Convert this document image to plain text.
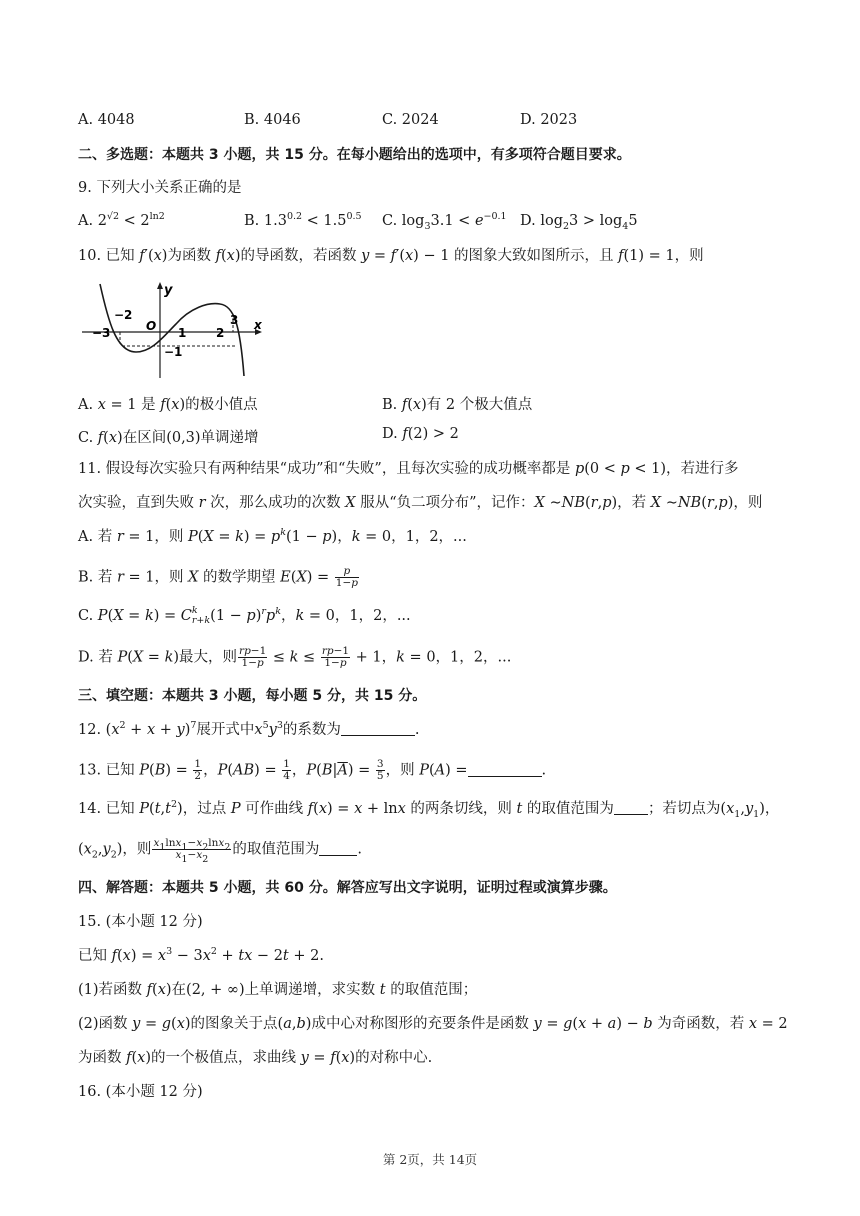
A. 4048	B. 4046	C. 2024	D. 2023
二、多选题：本题共 3 小题，共 15 分。在每小题给出的选项中，有多项符合题目要求。
9. 下列大小关系正确的是
A. $2^{√2} < 2^{ln2}$	B. $1.3^{0.2} < 1.5^{0.5}$ C. $\log_33.1 < e^{-0.1}$ D. $\log_23 > \log_45$
10. 已知 f′(x)为函数 f(x)的导函数，若函数 y = f′(x) − 1 的图象大致如图所示，且 f(1) = 1，则
y
x
O
−3
−2
1 2
3
−1
A. x = 1 是 f(x)的极小值点	B. f(x)有 2 个极大值点
C. f(x)在区间(0,3)单调递增	D. f(2) > 2
11. 假设每次实验只有两种结果“成功”和“失败”，且每次实验的成功概率都是 p(0 < p < 1)，若进行多
次实验，直到失败 r 次，那么成功的次数 X 服从“负二项分布”，记作：X ∼NB(r,p)，若 X ∼NB(r,p)，则
A. 若 r = 1，则 $P(X = k) = p^k(1 - p)$，k = 0，1，2，...
B. 若 r = 1，则 X 的数学期望 $E(X) = \frac{p}{1-p}$
C. P(X = k) = C k
r+k $(1 - p)^rp^k$，k = 0，1，2，...
D. 若 P(X = k)最大，则 $\frac{rp-1}{1-p} \le k \le \frac{rp-1}{1-p} + 1$，k = 0，1，2，...
三、填空题：本题共 3 小题，每小题 5 分，共 15 分。
12. $(x^2 + x + y)^7$展开式中$x^5y^3$的系数为	.
13. 已知 $P(B) = \frac{1}{2}$ ，$P(AB) = \frac{1}{4}$ ，$P(B|\overline{A}) = \frac{3}{5}$ ，则 P(A) =	.
14. 已知 $P(t,t^2)$，过点 P 可作曲线 f(x) = x + lnx 的两条切线，则 t 的取值范围为 ；若切点为$(x_1,y_1)$，
$(x_2,y_2)$，则 $\frac{x_1\ln x_1-x_2\ln x_2}{x_1-x_2}$ 的取值范围为	.
四、解答题：本题共 5 小题，共 60 分。解答应写出文字说明，证明过程或演算步骤。
15. (本小题 12 分)
已知 $f(x) = x^3 - 3x^2$ + tx − 2t + 2.
(1)若函数 f(x)在(2, + ∞)上单调递增，求实数 t 的取值范围；
(2)函数 y = g(x)的图象关于点(a,b)成中心对称图形的充要条件是函数 y = g(x + a) − b 为奇函数，若 x = 2
为函数 f(x)的一个极值点，求曲线 y = f(x)的对称中心.
16. (本小题 12 分)
第 2页，共 14页
